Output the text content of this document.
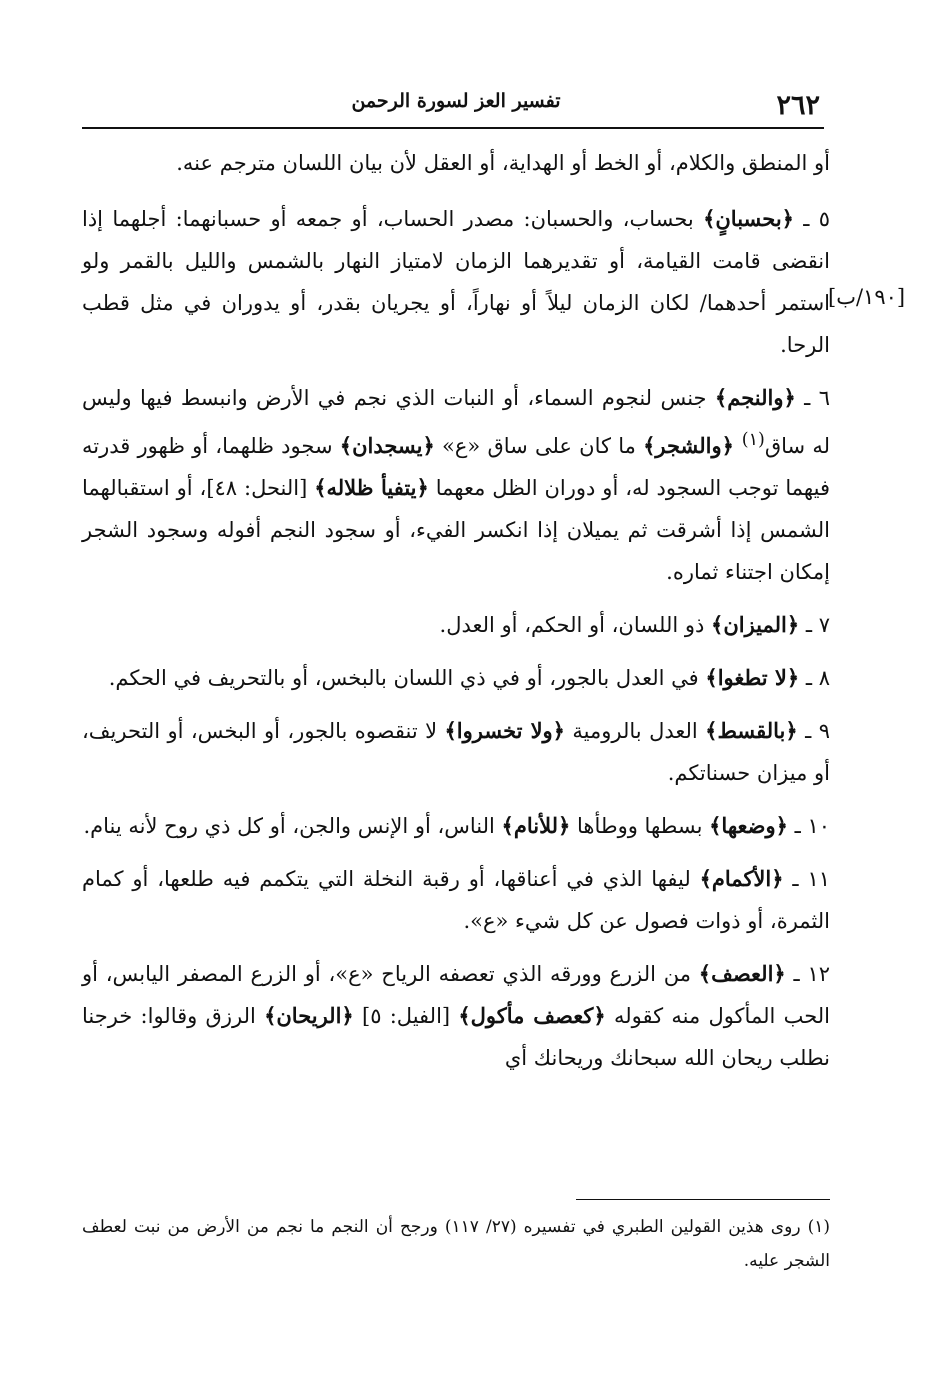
٢٦٢
تفسير العز لسورة الرحمن
[١٩٠/ب]

أو المنطق والكلام، أو الخط أو الهداية، أو العقل لأن بيان اللسان مترجم عنه.

٥ ـ ﴿بحسبانٍ﴾ بحساب، والحسبان: مصدر الحساب، أو جمعه أو حسبانهما: أجلهما إذا انقضى قامت القيامة، أو تقديرهما الزمان لامتياز النهار بالشمس والليل بالقمر ولو استمر أحدهما/ لكان الزمان ليلاً أو نهاراً، أو يجريان بقدر، أو يدوران في مثل قطب الرحا.

٦ ـ ﴿والنجم﴾ جنس لنجوم السماء، أو النبات الذي نجم في الأرض وانبسط فيها وليس له ساق$^{(١)}$ ﴿والشجر﴾ ما كان على ساق «ع» ﴿يسجدان﴾ سجود ظلهما، أو ظهور قدرته فيهما توجب السجود له، أو دوران الظل معهما ﴿يتفيأ ظلاله﴾ [النحل: ٤٨]، أو استقبالهما الشمس إذا أشرقت ثم يميلان إذا انكسر الفيء، أو سجود النجم أفوله وسجود الشجر إمكان اجتناء ثماره.

٧ ـ ﴿الميزان﴾ ذو اللسان، أو الحكم، أو العدل.

٨ ـ ﴿لا تطغوا﴾ في العدل بالجور، أو في ذي اللسان بالبخس، أو بالتحريف في الحكم.

٩ ـ ﴿بالقسط﴾ العدل بالرومية ﴿ولا تخسروا﴾ لا تنقصوه بالجور، أو البخس، أو التحريف، أو ميزان حسناتكم.

١٠ ـ ﴿وضعها﴾ بسطها ووطأها ﴿للأنام﴾ الناس، أو الإنس والجن، أو كل ذي روح لأنه ينام.

١١ ـ ﴿الأكمام﴾ ليفها الذي في أعناقها، أو رقبة النخلة التي يتكمم فيه طلعها، أو كمام الثمرة، أو ذوات فصول عن كل شيء «ع».

١٢ ـ ﴿العصف﴾ من الزرع وورقه الذي تعصفه الرياح «ع»، أو الزرع المصفر اليابس، أو الحب المأكول منه كقوله ﴿كعصف مأكول﴾ [الفيل: ٥] ﴿الريحان﴾ الرزق وقالوا: خرجنا نطلب ريحان الله سبحانك وريحانك أي

(١) روى هذين القولين الطبري في تفسيره (٢٧/ ١١٧) ورجح أن النجم ما نجم من الأرض من نبت لعطف الشجر عليه.
